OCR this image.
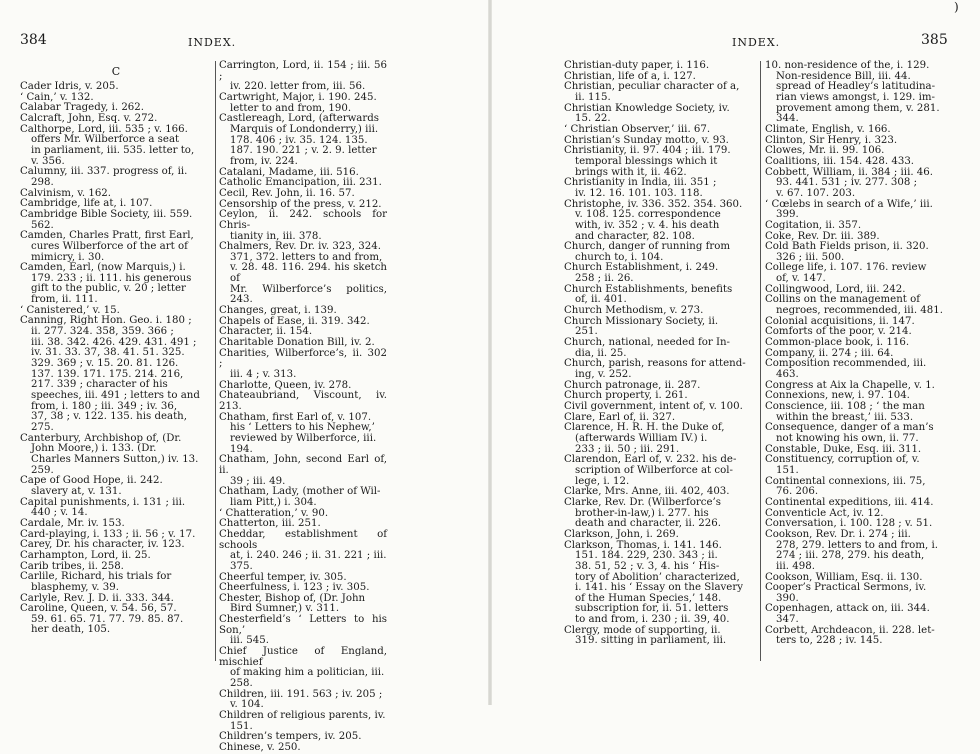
384	INDEX.
C
Cader Idris, v. 205.
‘ Cain,’ v. 132.
Calabar Tragedy, i. 262.
Calcraft, John, Esq. v. 272.
Calthorpe, Lord, iii. 535 ; v. 166.

offers Mr. Wilberforce a seat
in parliament, iii. 535. letter to,
v. 356.
Calumny, iii. 337. progress of, ii.

298.
Calvinism, v. 162.
Cambridge, life at, i. 107.
Cambridge Bible Society, iii. 559.

562.
Camden, Charles Pratt, first Earl,

cures Wilberforce of the art of
mimicry, i. 30.
Camden, Earl, (now Marquis,) i.

179. 233 ; ii. 111. his generous
gift to the public, v. 20 ; letter
from, ii. 111.
‘ Canistered,’ v. 15.
Canning, Right Hon. Geo. i. 180 ;

ii. 277. 324. 358, 359. 366 ;
iii. 38. 342. 426. 429. 431. 491 ;
iv. 31. 33. 37, 38. 41. 51. 325.
329. 369 ; v. 15. 20. 81. 126.
137. 139. 171. 175. 214. 216,
217. 339 ; character of his
speeches, iii. 491 ; letters to and
from, i. 180 ; iii. 349 ; iv. 36,
37, 38 ; v. 122. 135. his death,
275.
Canterbury, Archbishop of, (Dr.

John Moore,) i. 133. (Dr.
Charles Manners Sutton,) iv. 13.
259.
Cape of Good Hope, ii. 242.

slavery at, v. 131.
Capital punishments, i. 131 ; iii.

440 ; v. 14.
Cardale, Mr. iv. 153.
Card-playing, i. 133 ; ii. 56 ; v. 17.
Carey, Dr. his character, iv. 123.
Carhampton, Lord, ii. 25.
Carib tribes, ii. 258.
Carlile, Richard, his trials for

blasphemy, v. 39.
Carlyle, Rev. J. D. ii. 333. 344.
Caroline, Queen, v. 54. 56, 57.

59. 61. 65. 71. 77. 79. 85. 87.
her death, 105.
Carrington, Lord, ii. 154 ; iii. 56 ;

iv. 220. letter from, iii. 56.
Cartwright, Major, i. 190. 245.

letter to and from, 190.
Castlereagh, Lord, (afterwards

Marquis of Londonderry,) iii.
178. 406 ; iv. 35. 124. 135.
187. 190. 221 ; v. 2. 9. letter
from, iv. 224.
Catalani, Madame, iii. 516.
Catholic Emancipation, iii. 231.
Cecil, Rev. John, ii. 16. 57.
Censorship of the press, v. 212.
Ceylon, ii. 242. schools for Chris-

tianity in, iii. 378.
Chalmers, Rev. Dr. iv. 323, 324.

371, 372. letters to and from,
v. 28. 48. 116. 294. his sketch of
Mr. Wilberforce’s politics, 243.
Changes, great, i. 139.
Chapels of Ease, ii. 319. 342.
Character, ii. 154.
Charitable Donation Bill, iv. 2.
Charities, Wilberforce’s, ii. 302 ;

iii. 4 ; v. 313.
Charlotte, Queen, iv. 278.
Chateaubriand, Viscount, iv. 213.
Chatham, first Earl of, v. 107.

his ‘ Letters to his Nephew,’
reviewed by Wilberforce, iii.
194.
Chatham, John, second Earl of, ii.

39 ; iii. 49.
Chatham, Lady, (mother of Wil-

liam Pitt,) i. 304.
‘ Chatteration,’ v. 90.
Chatterton, iii. 251.
Cheddar, establishment of schools

at, i. 240. 246 ; ii. 31. 221 ; iii.
375.
Cheerful temper, iv. 305.
Cheerfulness, i. 123 ; iv. 305.
Chester, Bishop of, (Dr. John

Bird Sumner,) v. 311.
Chesterfield’s ‘ Letters to his Son,’

iii. 545.
Chief Justice of England, mischief

of making him a politician, iii.
258.
Children, iii. 191. 563 ; iv. 205 ;

v. 104.
Children of religious parents, iv.

151.
Children’s tempers, iv. 205.
Chinese, v. 250.
)
INDEX.	385
Christian-duty paper, i. 116.
Christian, life of a, i. 127.
Christian, peculiar character of a,

ii. 115.
Christian Knowledge Society, iv.

15. 22.
‘ Christian Observer,’ iii. 67.
Christian’s Sunday motto, v. 93.
Christianity, ii. 97. 404 ; iii. 179.

temporal blessings which it
brings with it, ii. 462.
Christianity in India, iii. 351 ;

iv. 12. 16. 101. 103. 118.
Christophe, iv. 336. 352. 354. 360.

v. 108. 125. correspondence
with, iv. 352 ; v. 4. his death
and character, 82. 108.
Church, danger of running from

church to, i. 104.
Church Establishment, i. 249.

258 ; ii. 26.
Church Establishments, benefits

of, ii. 401.
Church Methodism, v. 273.
Church Missionary Society, ii.

251.
Church, national, needed for In-

dia, ii. 25.
Church, parish, reasons for attend-

ing, v. 252.
Church patronage, ii. 287.
Church property, i. 261.
Civil government, intent of, v. 100.
Clare, Earl of, ii. 327.
Clarence, H. R. H. the Duke of,

(afterwards William IV.) i.
233 ; ii. 50 ; iii. 291.
Clarendon, Earl of, v. 232. his de-

scription of Wilberforce at col-
lege, i. 12.
Clarke, Mrs. Anne, iii. 402, 403.
Clarke, Rev. Dr. (Wilberforce’s

brother-in-law,) i. 277. his
death and character, ii. 226.
Clarkson, John, i. 269.
Clarkson, Thomas, i. 141. 146.

151. 184. 229, 230. 343 ; ii.
38. 51, 52 ; v. 3, 4. his ‘ His-
tory of Abolition’ characterized,
i. 141. his ‘ Essay on the Slavery
of the Human Species,’ 148.
subscription for, ii. 51. letters
to and from, i. 230 ; ii. 39, 40.
Clergy, mode of supporting, ii.

319. sitting in parliament, iii.
10. non-residence of the, i. 129.

Non-residence Bill, iii. 44.
spread of Headley’s latitudina-
rian views amongst, i. 129. im-
provement among them, v. 281.
344.
Climate, English, v. 166.
Clinton, Sir Henry, i. 323.
Clowes, Mr. ii. 99. 106.
Coalitions, iii. 154. 428. 433.
Cobbett, William, ii. 384 ; iii. 46.

93. 441. 531 ; iv. 277. 308 ;
v. 67. 107. 203.
‘ Cœlebs in search of a Wife,’ iii.

399.
Cogitation, ii. 357.
Coke, Rev. Dr. iii. 389.
Cold Bath Fields prison, ii. 320.

326 ; iii. 500.
College life, i. 107. 176. review

of, v. 147.
Collingwood, Lord, iii. 242.
Collins on the management of

negroes, recommended, iii. 481.
Colonial acquisitions, ii. 147.
Comforts of the poor, v. 214.
Common-place book, i. 116.
Company, ii. 274 ; iii. 64.
Composition recommended, iii.

463.
Congress at Aix la Chapelle, v. 1.
Connexions, new, i. 97. 104.
Conscience, iii. 108 ; ‘ the man

within the breast,’ iii. 533.
Consequence, danger of a man’s

not knowing his own, ii. 77.
Constable, Duke, Esq. iii. 311.
Constituency, corruption of, v.

151.
Continental connexions, iii. 75,

76. 206.
Continental expeditions, iii. 414.
Conventicle Act, iv. 12.
Conversation, i. 100. 128 ; v. 51.
Cookson, Rev. Dr. i. 274 ; iii.

278, 279. letters to and from, i.
274 ; iii. 278, 279. his death,
iii. 498.
Cookson, William, Esq. ii. 130.
Cooper’s Practical Sermons, iv.

390.
Copenhagen, attack on, iii. 344.

347.
Corbett, Archdeacon, ii. 228. let-

ters to, 228 ; iv. 145.
